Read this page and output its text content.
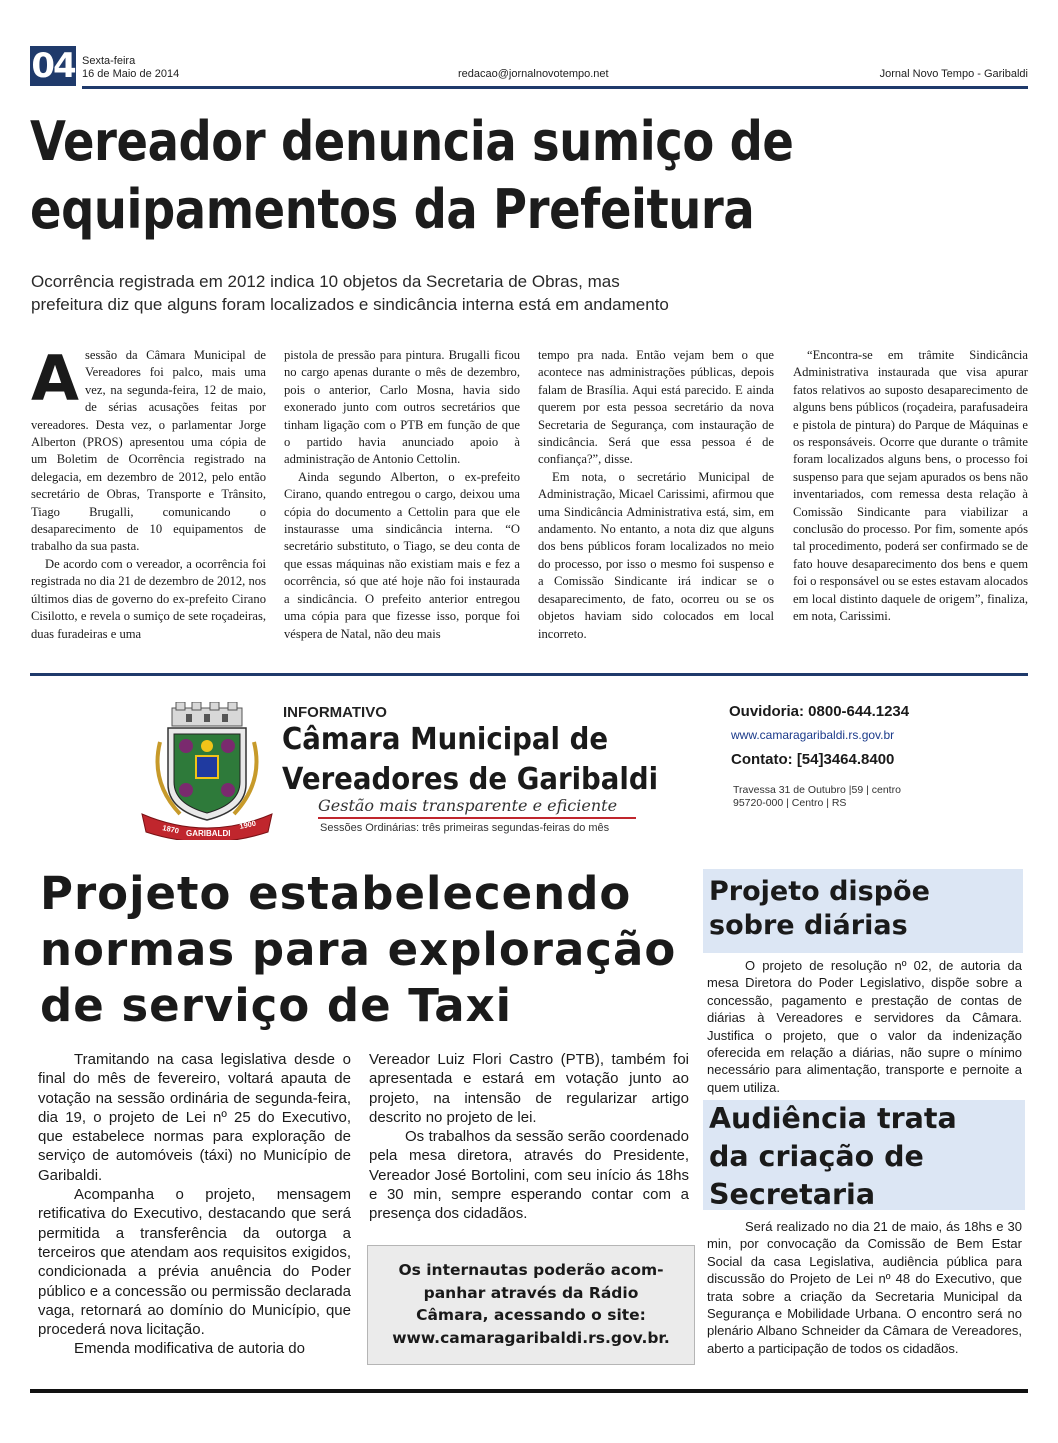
04 Sexta-feira
16 de Maio de 2014	redacao@jornalnovotempo.net	Jornal Novo Tempo - Garibaldi
Vereador denuncia sumiço de
equipamentos da Prefeitura
Ocorrência registrada em 2012 indica 10 objetos da Secretaria de Obras, mas
prefeitura diz que alguns foram localizados e sindicância interna está em andamento
A sessão da Câmara Municipal de Vereadores foi palco, mais uma vez, na segunda-feira, 12 de maio, de sérias acusações feitas por vereadores. Desta vez, o parlamentar Jorge Alberton (PROS) apresentou uma cópia de um Boletim de Ocorrência registrado na delegacia, em dezembro de 2012, pelo então secretário de Obras, Transporte e Trânsito, Tiago Brugalli, comunicando o desaparecimento de 10 equipamentos de trabalho da sua pasta.

De acordo com o vereador, a ocorrência foi registrada no dia 21 de dezembro de 2012, nos últimos dias de governo do ex-prefeito Cirano Cisilotto, e revela o sumiço de sete roçadeiras, duas furadeiras e uma

pistola de pressão para pintura. Brugalli ficou no cargo apenas durante o mês de dezembro, pois o anterior, Carlo Mosna, havia sido exonerado junto com outros secretários que tinham ligação com o PTB em função de que o partido havia anunciado apoio à administração de Antonio Cettolin.

Ainda segundo Alberton, o ex-prefeito Cirano, quando entregou o cargo, deixou uma cópia do documento a Cettolin para que ele instaurasse uma sindicância interna. “O secretário substituto, o Tiago, se deu conta de que essas máquinas não existiam mais e fez a ocorrência, só que até hoje não foi instaurada a sindicância. O prefeito anterior entregou uma cópia para que fizesse isso, porque foi véspera de Natal, não deu mais

tempo pra nada. Então vejam bem o que acontece nas administrações públicas, depois falam de Brasília. Aqui está parecido. E ainda querem por esta pessoa secretário da nova Secretaria de Segurança, com instauração de sindicância. Será que essa pessoa é de confiança?”, disse.

Em nota, o secretário Municipal de Administração, Micael Carissimi, afirmou que uma Sindicância Administrativa está, sim, em andamento. No entanto, a nota diz que alguns dos bens públicos foram localizados no meio do processo, por isso o mesmo foi suspenso e a Comissão Sindicante irá indicar se o desaparecimento, de fato, ocorreu ou se os objetos haviam sido colocados em local incorreto.

“Encontra-se em trâmite Sindicância Administrativa instaurada que visa apurar fatos relativos ao suposto desaparecimento de alguns bens públicos (roçadeira, parafusadeira e pistola de pintura) do Parque de Máquinas e os responsáveis. Ocorre que durante o trâmite foram localizados alguns bens, o processo foi suspenso para que sejam apurados os bens não inventariados, com remessa desta relação à Comissão Sindicante para viabilizar a conclusão do processo. Por fim, somente após tal procedimento, poderá ser confirmado se de fato houve desaparecimento dos bens e quem foi o responsável ou se estes estavam alocados em local distinto daquele de origem”, finaliza, em nota, Carissimi.

1870 GARIBALDI
1900
INFORMATIVO
Câmara Municipal de
Vereadores de Garibaldi
Gestão mais transparente e eficiente
Sessões Ordinárias: três primeiras segundas-feiras do mês
Ouvidoria: 0800-644.1234
www.camaragaribaldi.rs.gov.br
Contato: [54]3464.8400
Travessa 31 de Outubro |59 | centro
95720-000 | Centro | RS
Projeto estabelecendo
normas para exploração
de serviço de Taxi

Tramitando na casa legislativa desde o final do mês de fevereiro, voltará apauta de votação na sessão ordinária de segunda-feira, dia 19, o projeto de Lei nº 25 do Executivo, que estabelece normas para exploração de serviço de automóveis (táxi) no Município de Garibaldi.

Acompanha o projeto, mensagem retificativa do Executivo, destacando que será permitida a transferência da outorga a terceiros que atendam aos requisitos exigidos, condicionada a prévia anuência do Poder público e a concessão ou permissão declarada vaga, retornará ao domínio do Município, que procederá nova licitação.

Emenda modificativa de autoria do

Vereador Luiz Flori Castro (PTB), também foi apresentada e estará em votação junto ao projeto, na intensão de regularizar artigo descrito no projeto de lei.

Os trabalhos da sessão serão coordenado pela mesa diretora, através do Presidente, Vereador José Bortolini, com seu início ás 18hs e 30 min, sempre esperando contar com a presença dos cidadãos.

Os internautas poderão acom-
panhar através da Rádio
Câmara, acessando o site:
www.camaragaribaldi.rs.gov.br.
Projeto dispõe
sobre diárias

O projeto de resolução nº 02, de autoria da mesa Diretora do Poder Legislativo, dispõe sobre a concessão, pagamento e prestação de contas de diárias à Vereadores e servidores da Câmara. Justifica o projeto, que o valor da indenização oferecida em relação a diárias, não supre o mínimo necessário para alimentação, transporte e pernoite a quem utiliza.

Audiência trata
da criação de
Secretaria

Será realizado no dia 21 de maio, ás 18hs e 30 min, por convocação da Comissão de Bem Estar Social da casa Legislativa, audiência pública para discussão do Projeto de Lei nº 48 do Executivo, que trata sobre a criação da Secretaria Municipal da Segurança e Mobilidade Urbana. O encontro será no plenário Albano Schneider da Câmara de Vereadores, aberto a participação de todos os cidadãos.
